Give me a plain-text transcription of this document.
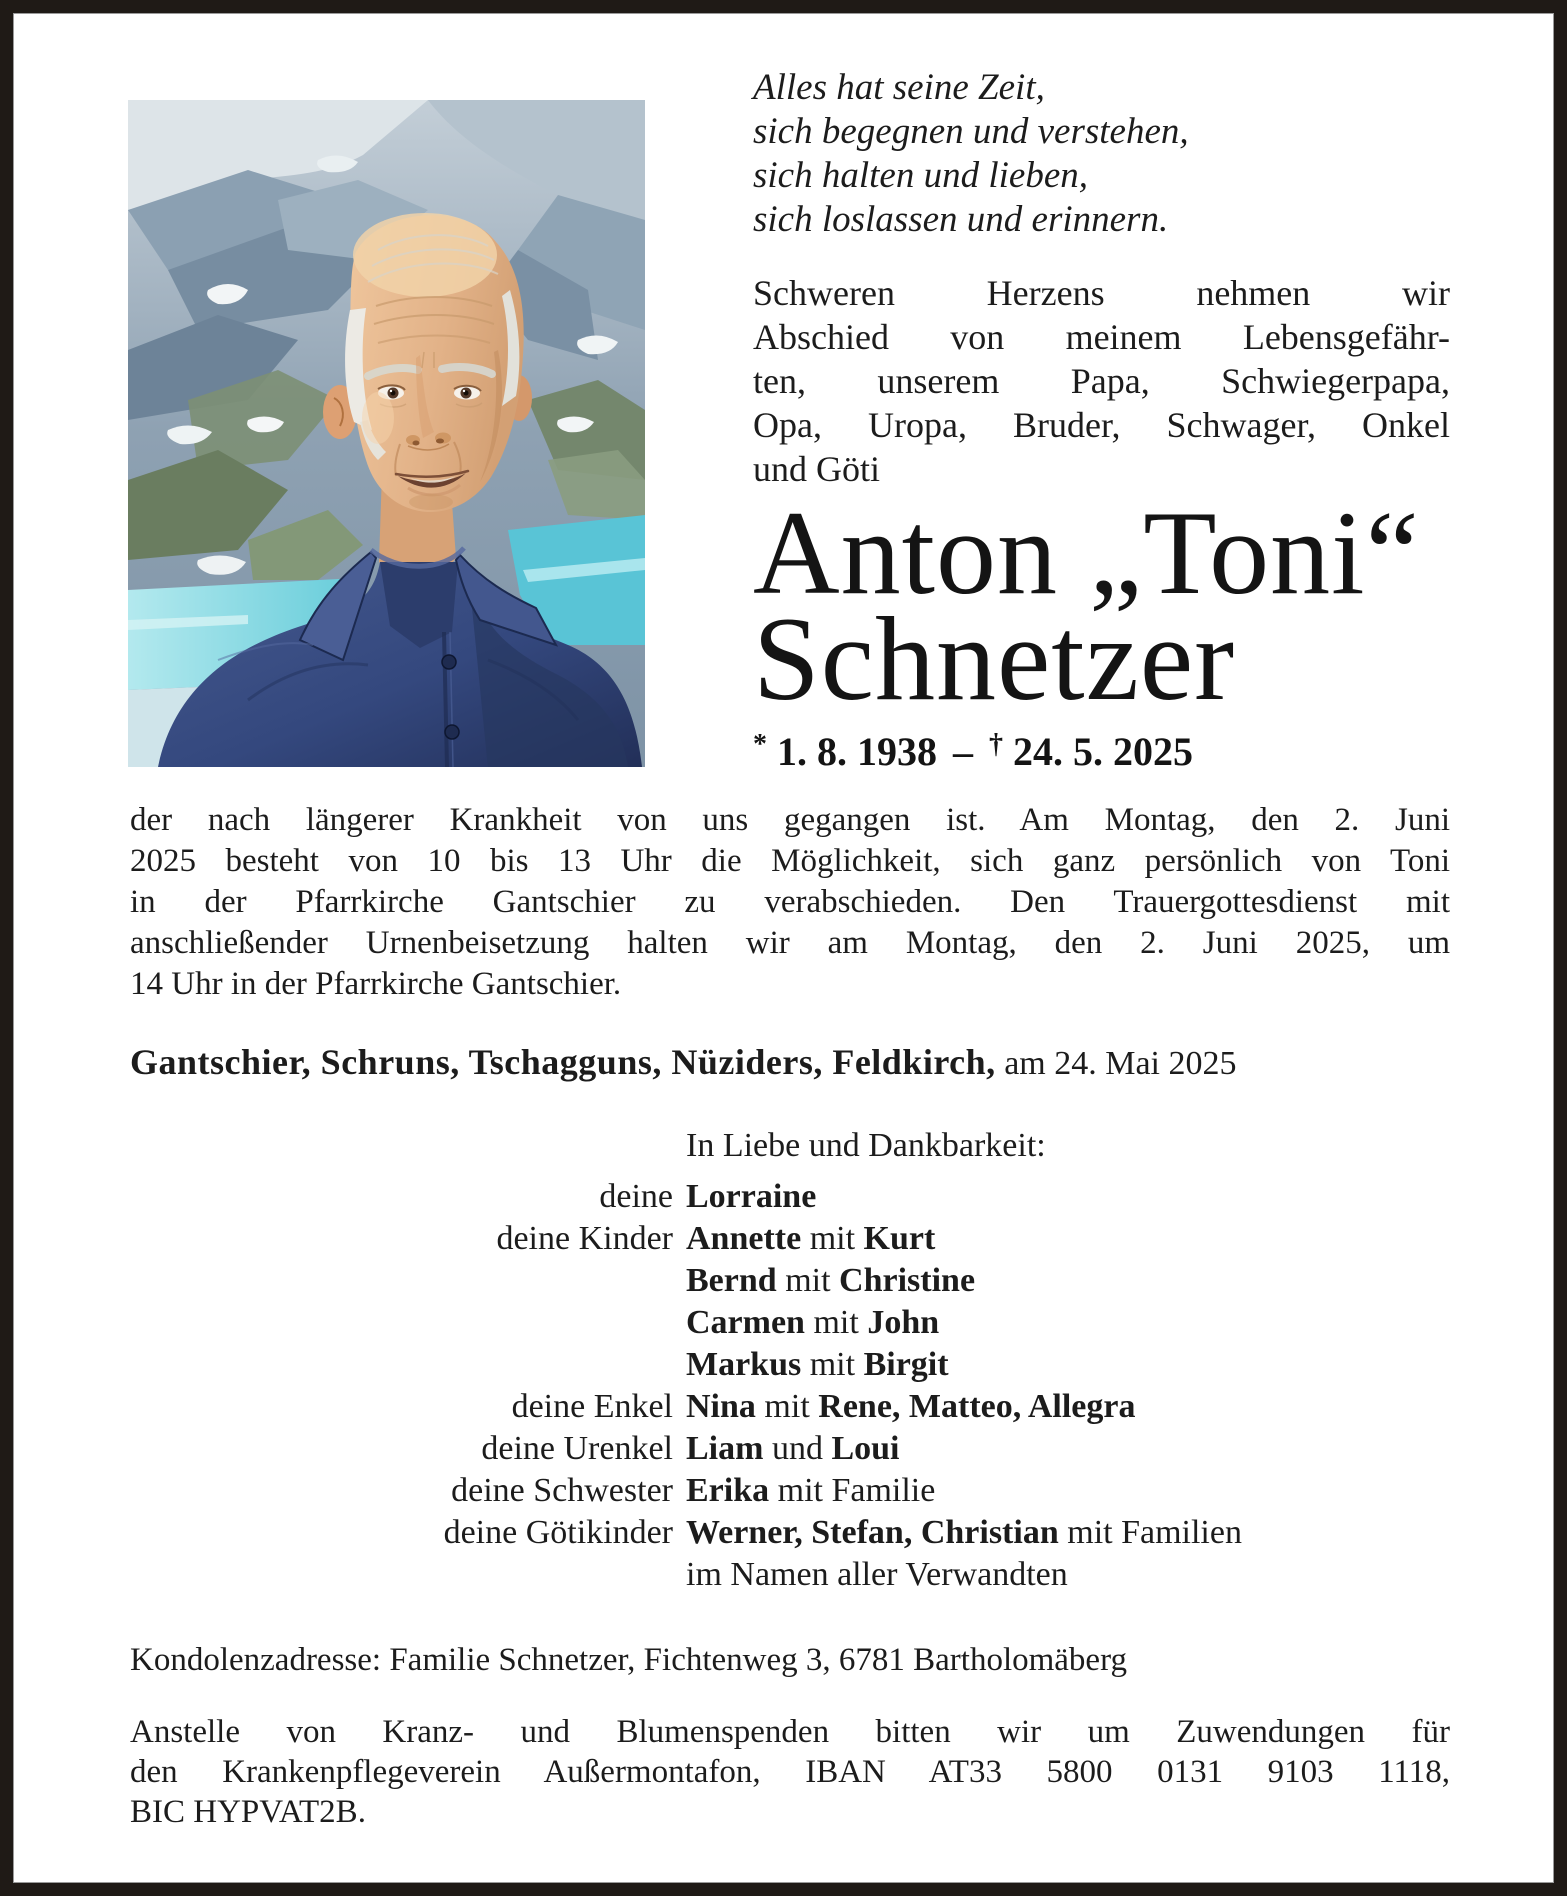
Alles hat seine Zeit,
sich begegnen und verstehen,
sich halten und lieben,
sich loslassen und erinnern.
Schweren Herzens nehmen wir
Abschied von meinem Lebensgefähr-
ten, unserem Papa, Schwiegerpapa,
Opa, Uropa, Bruder, Schwager, Onkel
und Göti
Anton „Toni“
Schnetzer
* 1. 8. 1938 – † 24. 5. 2025
der nach längerer Krankheit von uns gegangen ist. Am Montag, den 2. Juni
2025 besteht von 10 bis 13 Uhr die Möglichkeit, sich ganz persönlich von Toni
in der Pfarrkirche Gantschier zu verabschieden. Den Trauergottesdienst mit
anschließender Urnenbeisetzung halten wir am Montag, den 2. Juni 2025, um
14 Uhr in der Pfarrkirche Gantschier.
Gantschier, Schruns, Tschagguns, Nüziders, Feldkirch, am 24. Mai 2025
In Liebe und Dankbarkeit:
deine Lorraine
deine Kinder Annette mit Kurt
Bernd mit Christine
Carmen mit John
Markus mit Birgit
deine Enkel Nina mit Rene, Matteo, Allegra
deine Urenkel Liam und Loui
deine Schwester Erika mit Familie
deine Götikinder Werner, Stefan, Christian mit Familien
im Namen aller Verwandten
Kondolenzadresse: Familie Schnetzer, Fichtenweg 3, 6781 Bartholomäberg
Anstelle von Kranz- und Blumenspenden bitten wir um Zuwendungen für
den Krankenpflegeverein Außermontafon, IBAN AT33 5800 0131 9103 1118,
BIC HYPVAT2B.
